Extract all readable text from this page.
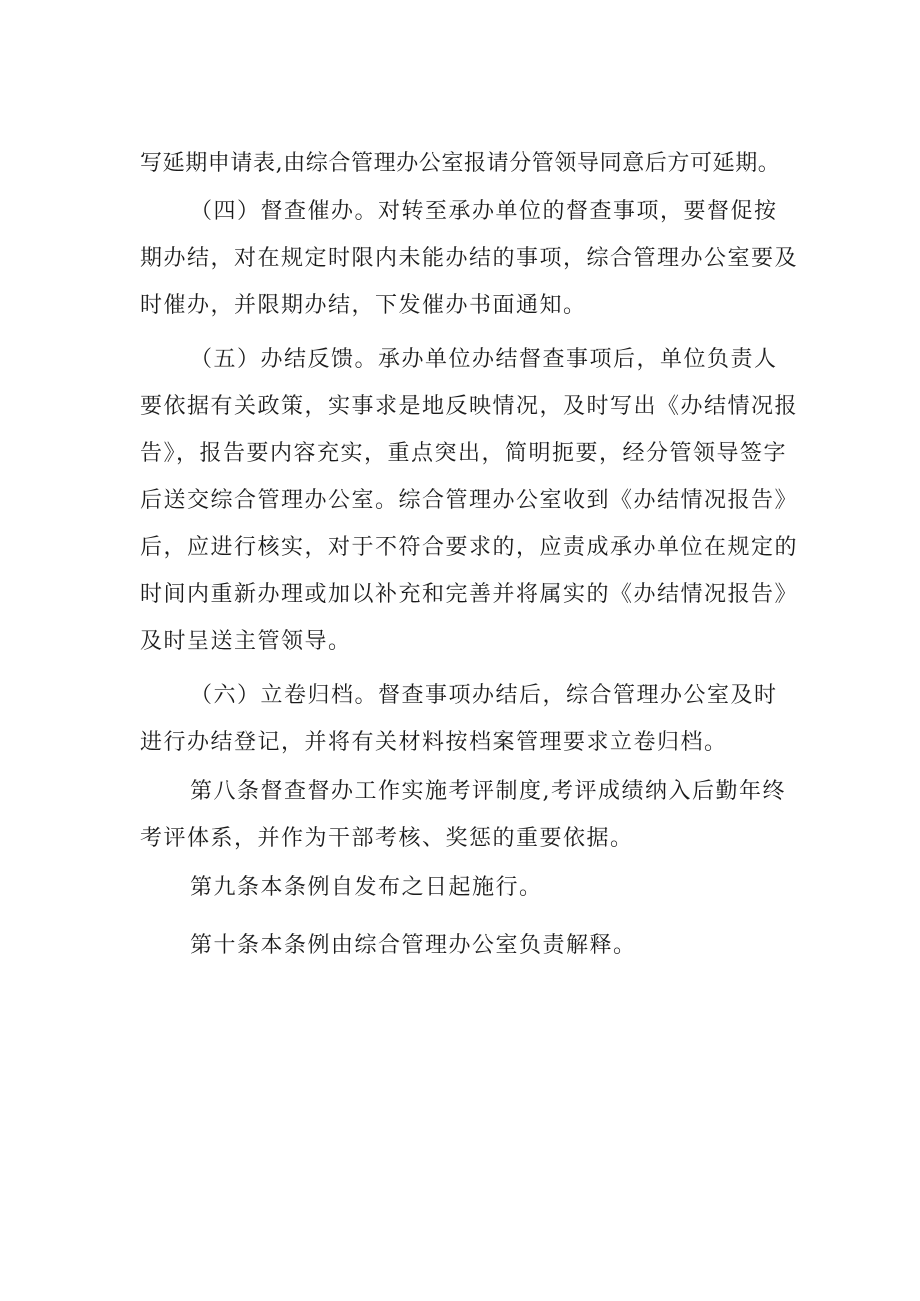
写延期申请表,由综合管理办公室报请分管领导同意后方可延期。
（四）督查催办。对转至承办单位的督查事项，要督促按
期办结，对在规定时限内未能办结的事项，综合管理办公室要及
时催办，并限期办结，下发催办书面通知。
（五）办结反馈。承办单位办结督查事项后，单位负责人
要依据有关政策，实事求是地反映情况，及时写出《办结情况报
告》，报告要内容充实，重点突出，简明扼要，经分管领导签字
后送交综合管理办公室。综合管理办公室收到《办结情况报告》
后，应进行核实，对于不符合要求的，应责成承办单位在规定的
时间内重新办理或加以补充和完善并将属实的《办结情况报告》
及时呈送主管领导。
（六）立卷归档。督查事项办结后，综合管理办公室及时
进行办结登记，并将有关材料按档案管理要求立卷归档。
第八条督查督办工作实施考评制度,考评成绩纳入后勤年终
考评体系，并作为干部考核、奖惩的重要依据。
第九条本条例自发布之日起施行。
第十条本条例由综合管理办公室负责解释。
